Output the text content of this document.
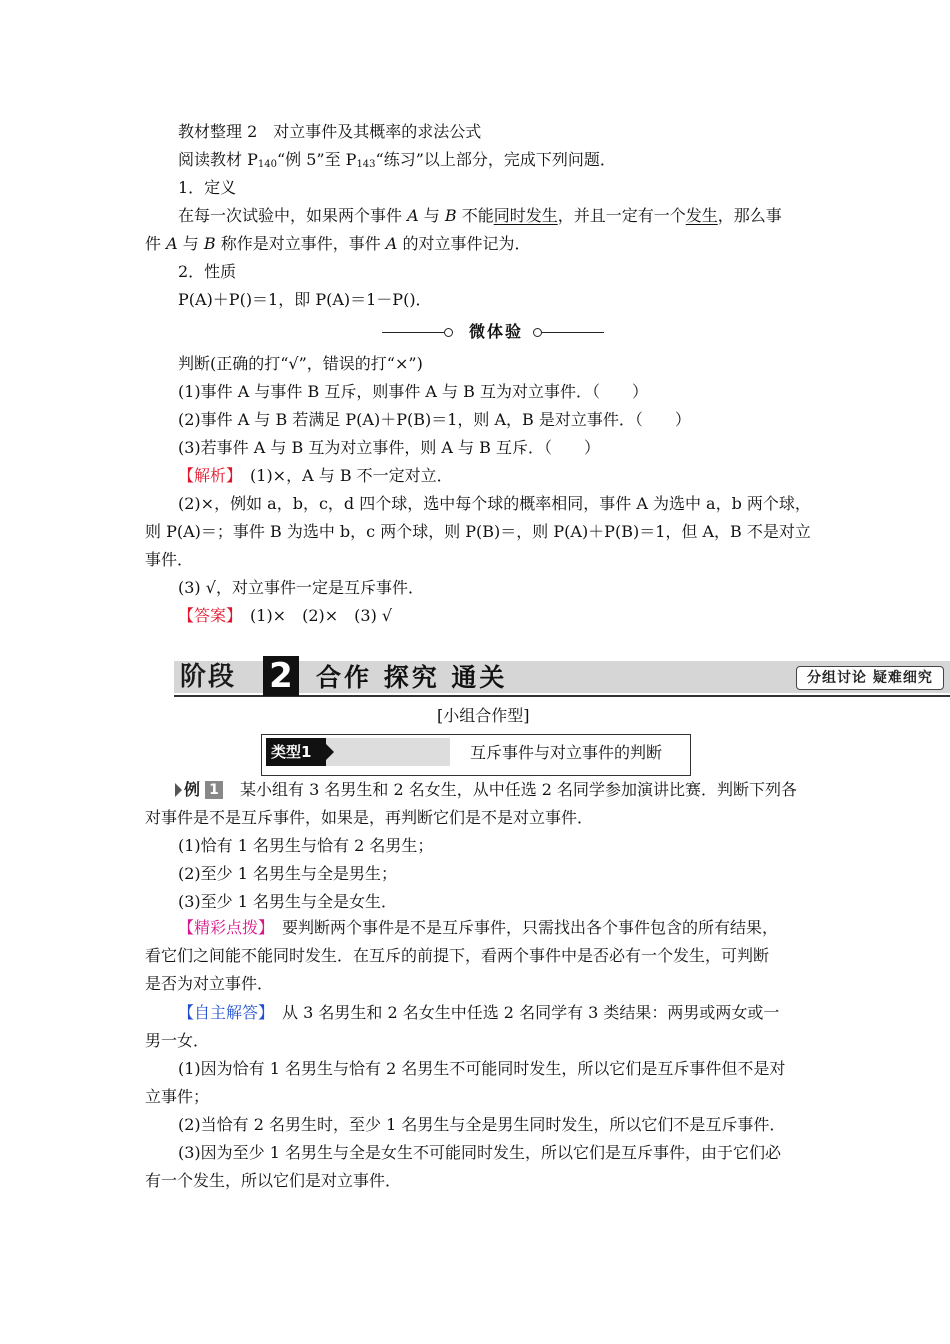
教材整理 2　对立事件及其概率的求法公式
阅读教材 $P_{140}“$例 5”至 $P_{143}“$练习”以上部分，完成下列问题．
1．定义
在每一次试验中，如果两个事件 A 与 B 不能同时发生，并且一定有一个发生，那么事
件 A 与 B 称作是对立事件，事件 A 的对立事件记为．
2．性质
P(A)＋P()＝1，即 P(A)＝1－P()．
微体验
判断(正确的打“√”，错误的打“×”)
(1)事件 A 与事件 B 互斥，则事件 A 与 B 互为对立事件．（　　）
(2)事件 A 与 B 若满足 P(A)＋P(B)＝1，则 A，B 是对立事件．（　　）
(3)若事件 A 与 B 互为对立事件，则 A 与 B 互斥．（　　）
【解析】　(1)×，A 与 B 不一定对立．
(2)×，例如 a，b，c，d 四个球，选中每个球的概率相同，事件 A 为选中 a，b 两个球，
则 P(A)＝；事件 B 为选中 b，c 两个球，则 P(B)＝，则 P(A)＋P(B)＝1，但 A，B 不是对立
事件．
(3) √，对立事件一定是互斥事件．
【答案】　(1)×　(2)×　(3) √
阶段 2 合作 探究 通关	分组讨论 疑难细究
[小组合作型]
类型1	互斥事件与对立事件的判断
例 1 某小组有 3 名男生和 2 名女生，从中任选 2 名同学参加演讲比赛．判断下列各
对事件是不是互斥事件，如果是，再判断它们是不是对立事件．
(1)恰有 1 名男生与恰有 2 名男生；
(2)至少 1 名男生与全是男生；
(3)至少 1 名男生与全是女生．
【精彩点拨】　要判断两个事件是不是互斥事件，只需找出各个事件包含的所有结果，
看它们之间能不能同时发生．在互斥的前提下，看两个事件中是否必有一个发生，可判断
是否为对立事件．
【自主解答】　从 3 名男生和 2 名女生中任选 2 名同学有 3 类结果：两男或两女或一
男一女．
(1)因为恰有 1 名男生与恰有 2 名男生不可能同时发生，所以它们是互斥事件但不是对
立事件；
(2)当恰有 2 名男生时，至少 1 名男生与全是男生同时发生，所以它们不是互斥事件．
(3)因为至少 1 名男生与全是女生不可能同时发生，所以它们是互斥事件，由于它们必
有一个发生，所以它们是对立事件．
